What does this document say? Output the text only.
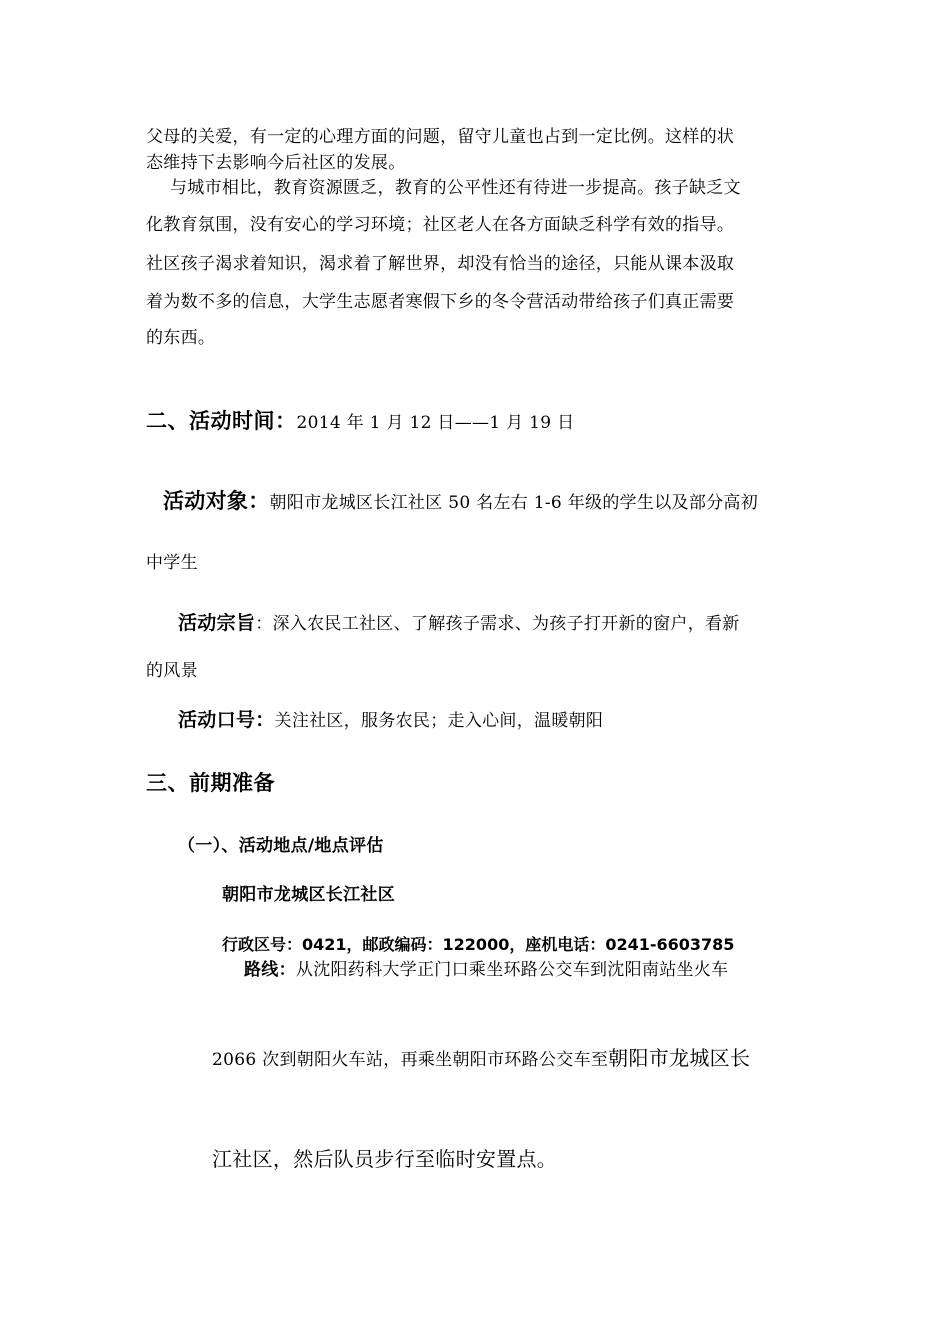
父母的关爱，有一定的心理方面的问题，留守儿童也占到一定比例。这样的状
态维持下去影响今后社区的发展。
与城市相比，教育资源匮乏，教育的公平性还有待进一步提高。孩子缺乏文
化教育氛围，没有安心的学习环境；社区老人在各方面缺乏科学有效的指导。
社区孩子渴求着知识，渴求着了解世界，却没有恰当的途径，只能从课本汲取
着为数不多的信息，大学生志愿者寒假下乡的冬令营活动带给孩子们真正需要
的东西。
二、活动时间：2014 年 1 月 12 日——1 月 19 日
活动对象：朝阳市龙城区长江社区 50 名左右 1-6 年级的学生以及部分高初
中学生
活动宗旨：深入农民工社区、了解孩子需求、为孩子打开新的窗户，看新
的风景
活动口号：关注社区，服务农民；走入心间，温暖朝阳
三、前期准备
（一）、活动地点/地点评估
朝阳市龙城区长江社区
行政区号：0421，邮政编码：122000，座机电话：0241-6603785
路线：从沈阳药科大学正门口乘坐环路公交车到沈阳南站坐火车
2066 次到朝阳火车站，再乘坐朝阳市环路公交车至朝阳市龙城区长
江社区，然后队员步行至临时安置点。
